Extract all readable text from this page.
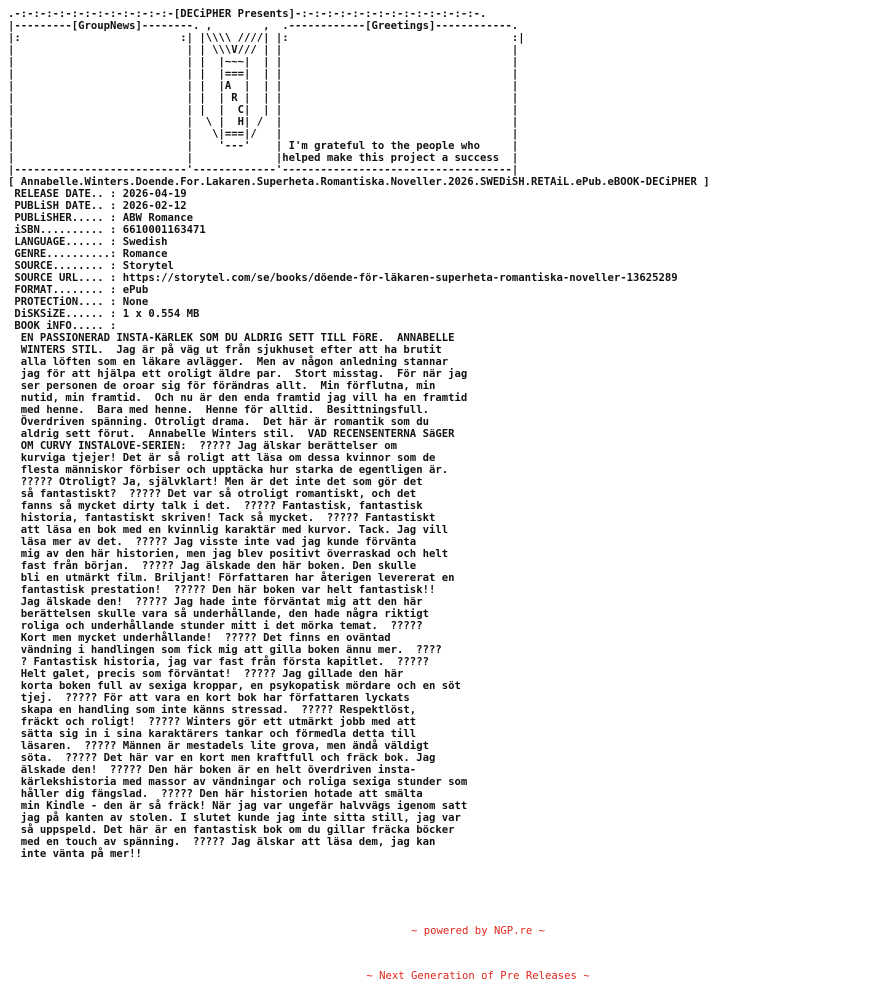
.-:-:-:-:-:-:-:-:-:-:-:-:-[DECiPHER Presents]-:-:-:-:-:-:-:-:-:-:-:-:-:-:-.
|---------[GroupNews]--------. ,        ,  .------------[Greetings]------------.
|:                         :| |\\\\ ////| |:                                   :|
|                           | | \\\V/// | |                                    |
|                           | |  |~~~|  | |                                    |
|                           | |  |===|  | |                                    |
|                           | |  |A  |  | |                                    |
|                           | |  | R |  | |                                    |
|                           | |  |  C|  | |                                    |
|                           |  \ |  H| /  |                                    |
|                           |   \|===|/   |                                    |
|                           |    '---'    | I'm grateful to the people who     |
|                           |             |helped make this project a success  |
|---------------------------'-------------'------------------------------------|
[ Annabelle.Winters.Doende.For.Lakaren.Superheta.Romantiska.Noveller.2026.SWEDiSH.RETAiL.ePub.eBOOK-DECiPHER ]
RELEASE DATE.. : 2026-04-19
PUBLiSH DATE.. : 2026-02-12
PUBLiSHER..... : ABW Romance
iSBN.......... : 6610001163471
LANGUAGE...... : Swedish
GENRE..........: Romance
SOURCE........ : Storytel
SOURCE URL.... : https://storytel.com/se/books/döende-för-läkaren-superheta-romantiska-noveller-13625289
FORMAT........ : ePub
PROTECTiON.... : None
DiSKSiZE...... : 1 x 0.554 MB
BOOK iNFO..... :
EN PASSIONERAD INSTA-KäRLEK SOM DU ALDRIG SETT TILL FöRE.  ANNABELLE
WINTERS STIL.  Jag är på väg ut från sjukhuset efter att ha brutit
alla löften som en läkare avlägger.  Men av någon anledning stannar
jag för att hjälpa ett oroligt äldre par.  Stort misstag.  För när jag
ser personen de oroar sig för förändras allt.  Min förflutna, min
nutid, min framtid.  Och nu är den enda framtid jag vill ha en framtid
med henne.  Bara med henne.  Henne för alltid.  Besittningsfull.
Överdriven spänning. Otroligt drama.  Det här är romantik som du
aldrig sett förut.  Annabelle Winters stil.  VAD RECENSENTERNA SäGER
OM CURVY INSTALOVE-SERIEN:  ????? Jag älskar berättelser om
kurviga tjejer! Det är så roligt att läsa om dessa kvinnor som de
flesta människor förbiser och upptäcka hur starka de egentligen är.
????? Otroligt? Ja, självklart! Men är det inte det som gör det
så fantastiskt?  ????? Det var så otroligt romantiskt, och det
fanns så mycket dirty talk i det.  ????? Fantastisk, fantastisk
historia, fantastiskt skriven! Tack så mycket.  ????? Fantastiskt
att läsa en bok med en kvinnlig karaktär med kurvor. Tack. Jag vill
läsa mer av det.  ????? Jag visste inte vad jag kunde förvänta
mig av den här historien, men jag blev positivt överraskad och helt
fast från början.  ????? Jag älskade den här boken. Den skulle
bli en utmärkt film. Briljant! Författaren har återigen levererat en
fantastisk prestation!  ????? Den här boken var helt fantastisk!!
Jag älskade den!  ????? Jag hade inte förväntat mig att den här
berättelsen skulle vara så underhållande, den hade några riktigt
roliga och underhållande stunder mitt i det mörka temat.  ?????
Kort men mycket underhållande!  ????? Det finns en oväntad
vändning i handlingen som fick mig att gilla boken ännu mer.  ????
? Fantastisk historia, jag var fast från första kapitlet.  ?????
Helt galet, precis som förväntat!  ????? Jag gillade den här
korta boken full av sexiga kroppar, en psykopatisk mördare och en söt
tjej.  ????? För att vara en kort bok har författaren lyckats
skapa en handling som inte känns stressad.  ????? Respektlöst,
fräckt och roligt!  ????? Winters gör ett utmärkt jobb med att
sätta sig in i sina karaktärers tankar och förmedla detta till
läsaren.  ????? Männen är mestadels lite grova, men ändå väldigt
söta.  ????? Det här var en kort men kraftfull och fräck bok. Jag
älskade den!  ????? Den här boken är en helt överdriven insta-
kärlekshistoria med massor av vändningar och roliga sexiga stunder som
håller dig fängslad.  ????? Den här historien hotade att smälta
min Kindle - den är så fräck! När jag var ungefär halvvägs igenom satt
jag på kanten av stolen. I slutet kunde jag inte sitta still, jag var
så uppspeld. Det här är en fantastisk bok om du gillar fräcka böcker
med en touch av spänning.  ????? Jag älskar att läsa dem, jag kan
inte vänta på mer!!

~ powered by NGP.re ~

~ Next Generation of Pre Releases ~
